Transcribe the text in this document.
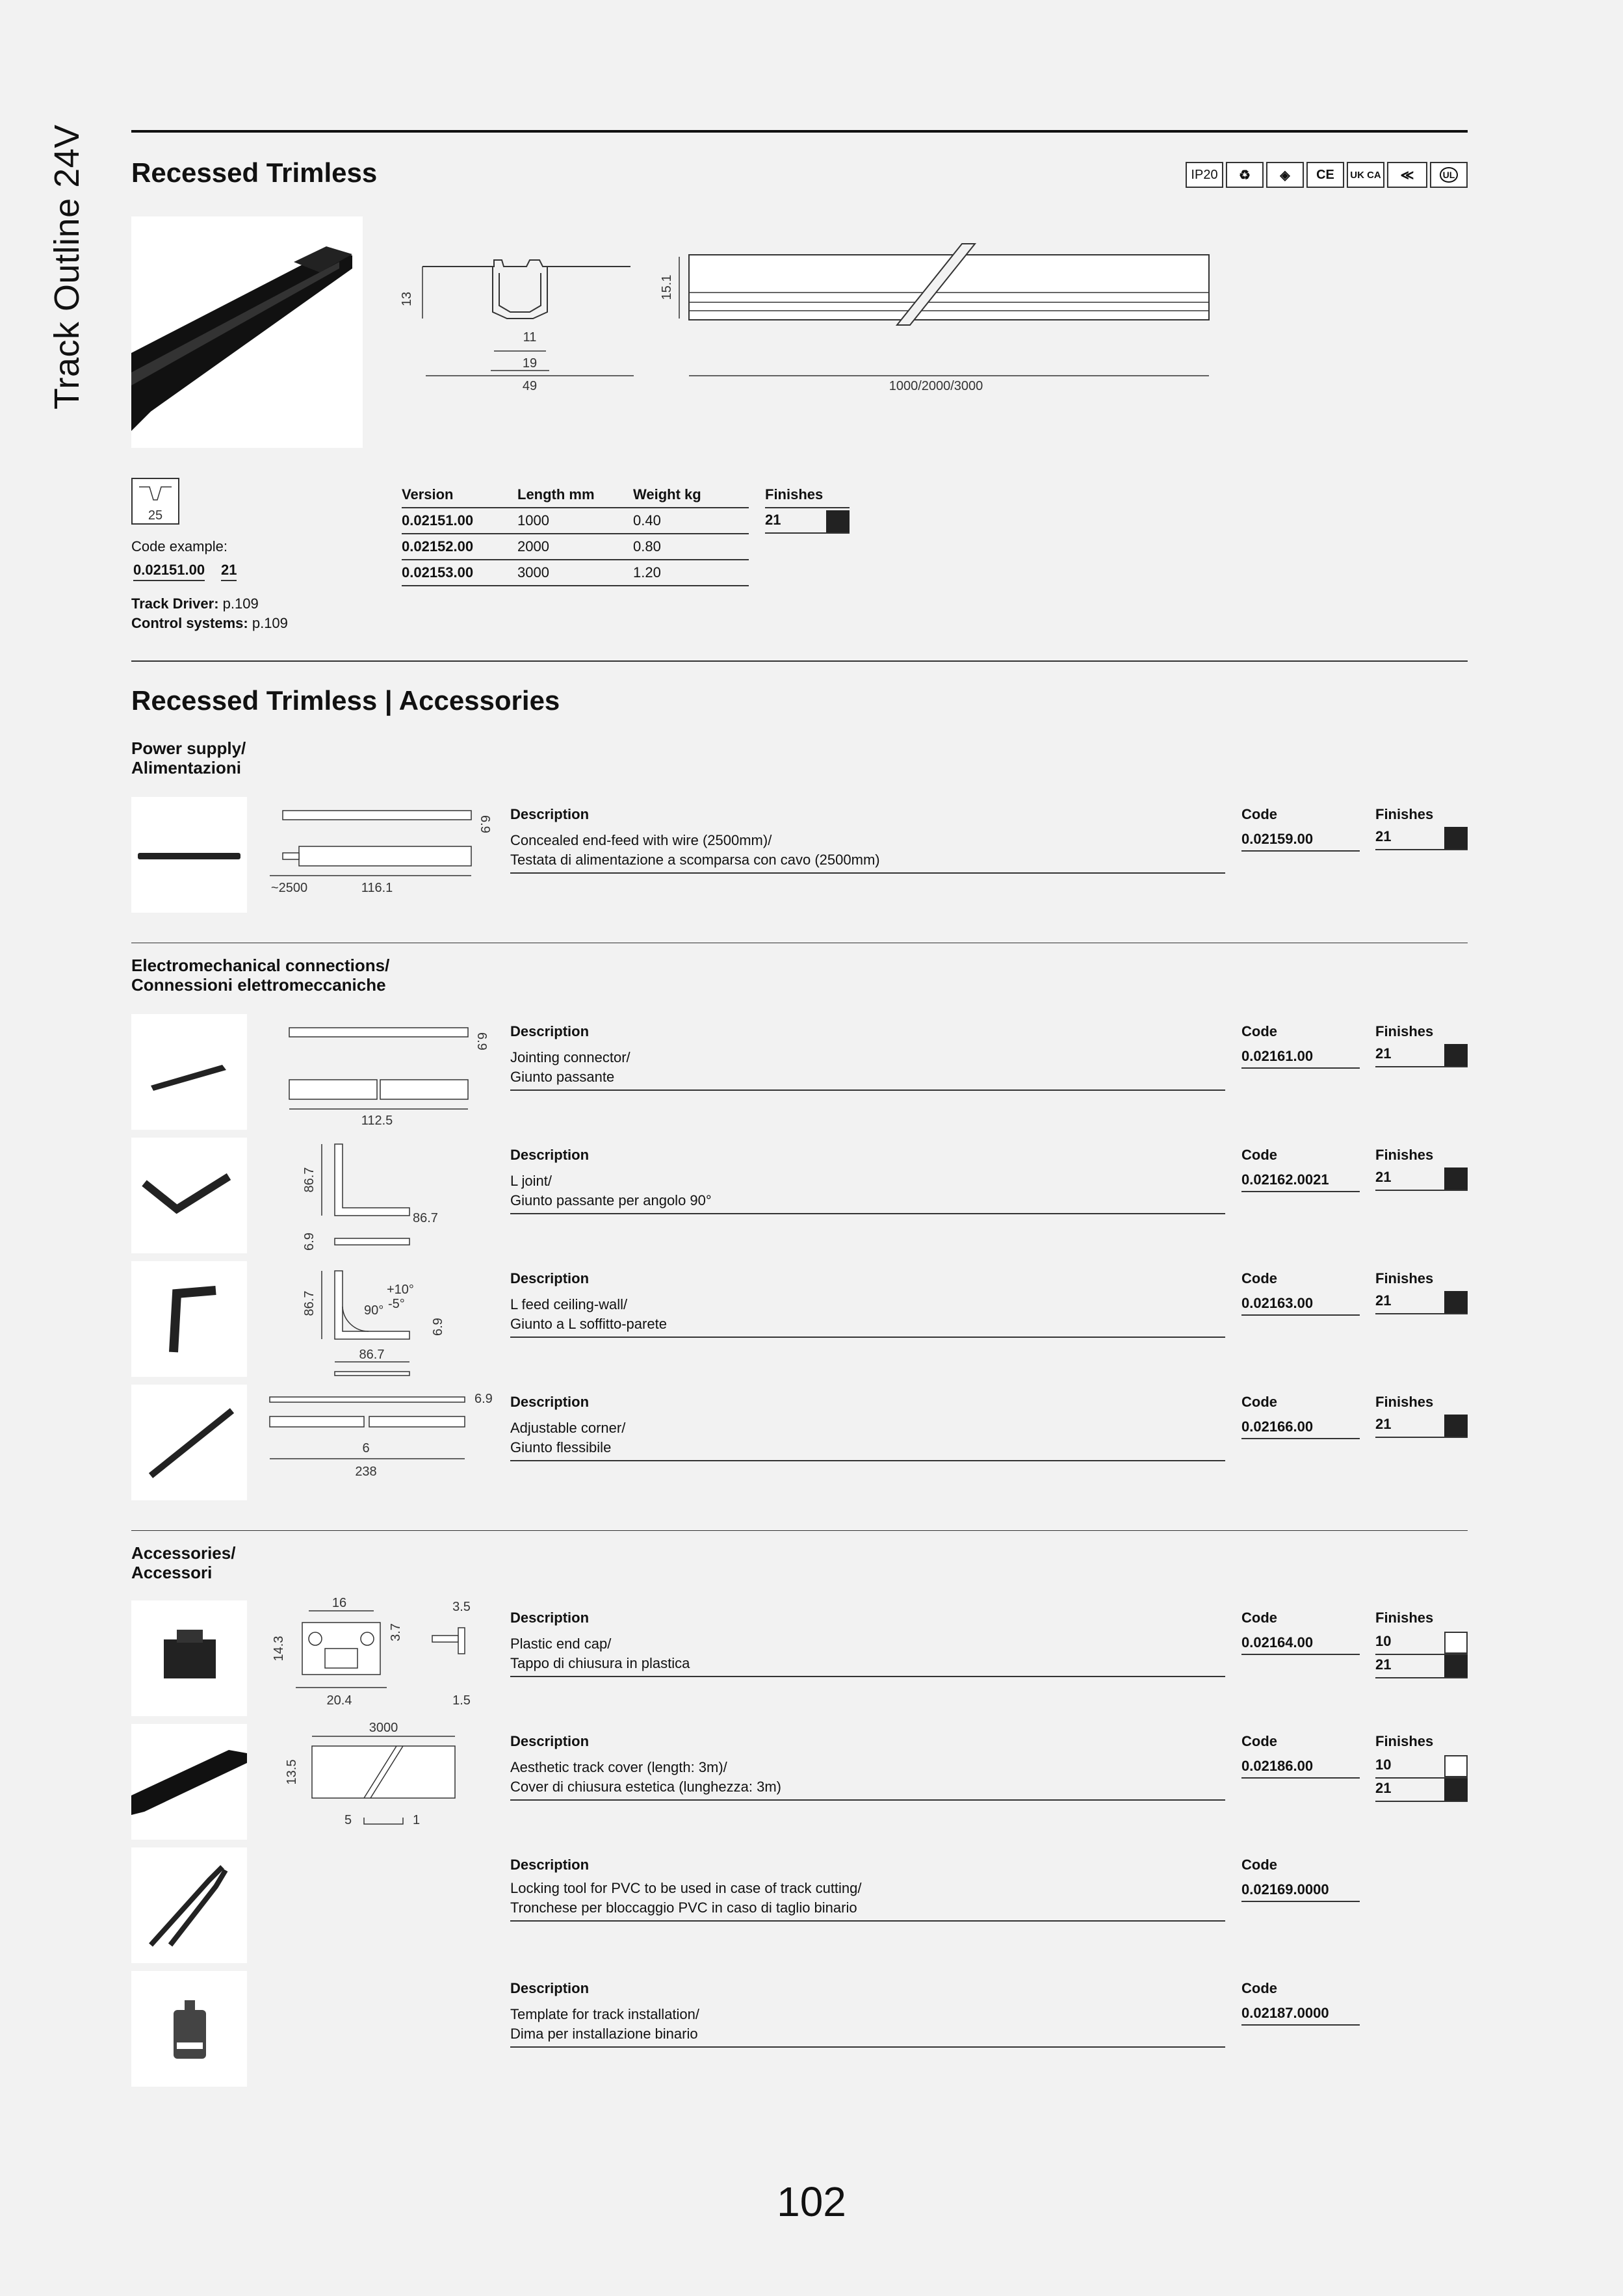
Track Outline 24V Recessed Trimless	IP20	♻	◈	CE UK CA	≪	UL
13
11
19
49
15.1
1000/2000/3000
25
Code example:
0.02151.00 21
Track Driver: p.109
Control systems: p.109
Version	Length mm	Weight kg
0.02151.00	1000	0.40
0.02152.00	2000	0.80
0.02153.00	3000	1.20
Finishes
21
Recessed Trimless | Accessories
Power supply/
Alimentazioni
6.9
~2500	116.1
Description
Concealed end-feed with wire (2500mm)/
Testata di alimentazione a scomparsa con cavo (2500mm)
Code
0.02159.00
Finishes
21
Electromechanical connections/
Connessioni elettromeccaniche
6.9
112.5
Description
Jointing connector/
Giunto passante
Code
0.02161.00
Finishes
21
86.7
86.7
6.9
Description
L joint/
Giunto passante per angolo 90°
Code
0.02162.0021
Finishes
21
86.7
+10°
-5°
90°
6.9
86.7
Description
L feed ceiling-wall/
Giunto a L soffitto-parete
Code
0.02163.00
Finishes
21
6.9
6
238
Description
Adjustable corner/
Giunto flessibile
Code
0.02166.00
Finishes
21
Accessories/
Accessori
16
14.3
3.7
20.4
3.5
1.5
Description
Plastic end cap/
Tappo di chiusura in plastica
Code
0.02164.00
Finishes
10
21
3000
13.5
5	1
Description
Aesthetic track cover (length: 3m)/
Cover di chiusura estetica (lunghezza: 3m)
Code
0.02186.00
Finishes
10
21
Description
Locking tool for PVC to be used in case of track cutting/
Tronchese per bloccaggio PVC in caso di taglio binario
Code
0.02169.0000
Description
Template for track installation/
Dima per installazione binario
Code
0.02187.0000
102
